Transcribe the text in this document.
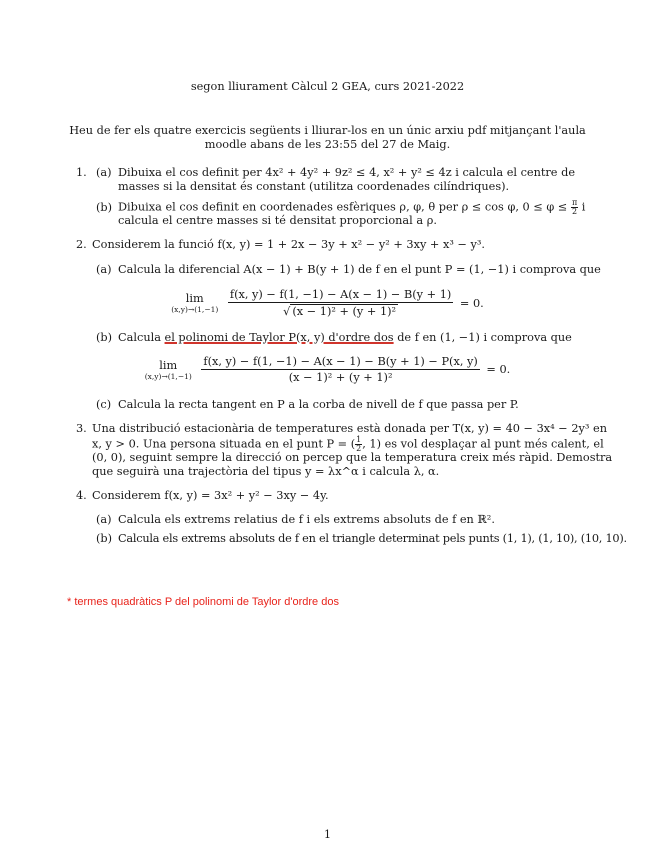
segon lliurament Càlcul 2 GEA, curs 2021-2022
Heu de fer els quatre exercicis següents i lliurar-los en un únic arxiu pdf mitjançant l'aula
moodle abans de les 23:55 del 27 de Maig.
1. (a) Dibuixa el cos definit per 4x² + 4y² + 9z² ≤ 4, x² + y² ≤ 4z i calcula el centre de
masses si la densitat és constant (utilitza coordenades cilíndriques).
(b) Dibuixa el cos definit en coordenades esfèriques ρ, φ, θ per ρ ≤ cos φ, $0 \le \varphi \le \frac{\pi}{2}$ i
calcula el centre masses si té densitat proporcional a ρ.
2. Considerem la funció f(x, y) = 1 + 2x − 3y + x² − y² + 3xy + x³ − y³.
(a) Calcula la diferencial A(x − 1) + B(y + 1) de f en el punt P = (1, −1) i comprova que
lim
(x,y)→(1,−1)
$\frac{f(x, y) - f(1, -1) - A(x - 1) - B(y + 1)}{\text{√ (x − 1)² + (y + 1)²}} = 0$.
(b) Calcula el polinomi de Taylor P(x, y) d'ordre dos de f en (1, −1) i comprova que
lim
(x,y)→(1,−1)
$\frac{f(x, y) - f(1, -1) - A(x - 1) - B(y + 1) - P(x, y)}{\text{(x − 1)² + (y + 1)²}} = 0$.
(c) Calcula la recta tangent en P a la corba de nivell de f que passa per P.
3. Una distribució estacionària de temperatures està donada per T(x, y) = 40 − 3x⁴ − 2y³ en
x, y > 0. Una persona situada en el punt P = ( $\frac{1}{2}$ , 1) es vol desplaçar al punt més calent, el
(0, 0), seguint sempre la direcció on percep que la temperatura creix més ràpid. Demostra
que seguirà una trajectòria del tipus y = λx^α i calcula λ, α.
4. Considerem f(x, y) = 3x² + y² − 3xy − 4y.
(a) Calcula els extrems relatius de f i els extrems absoluts de f en ℝ².
(b) Calcula els extrems absoluts de f en el triangle determinat pels punts (1, 1), (1, 10), (10, 10).
* termes quadràtics P del polinomi de Taylor d'ordre dos
1
